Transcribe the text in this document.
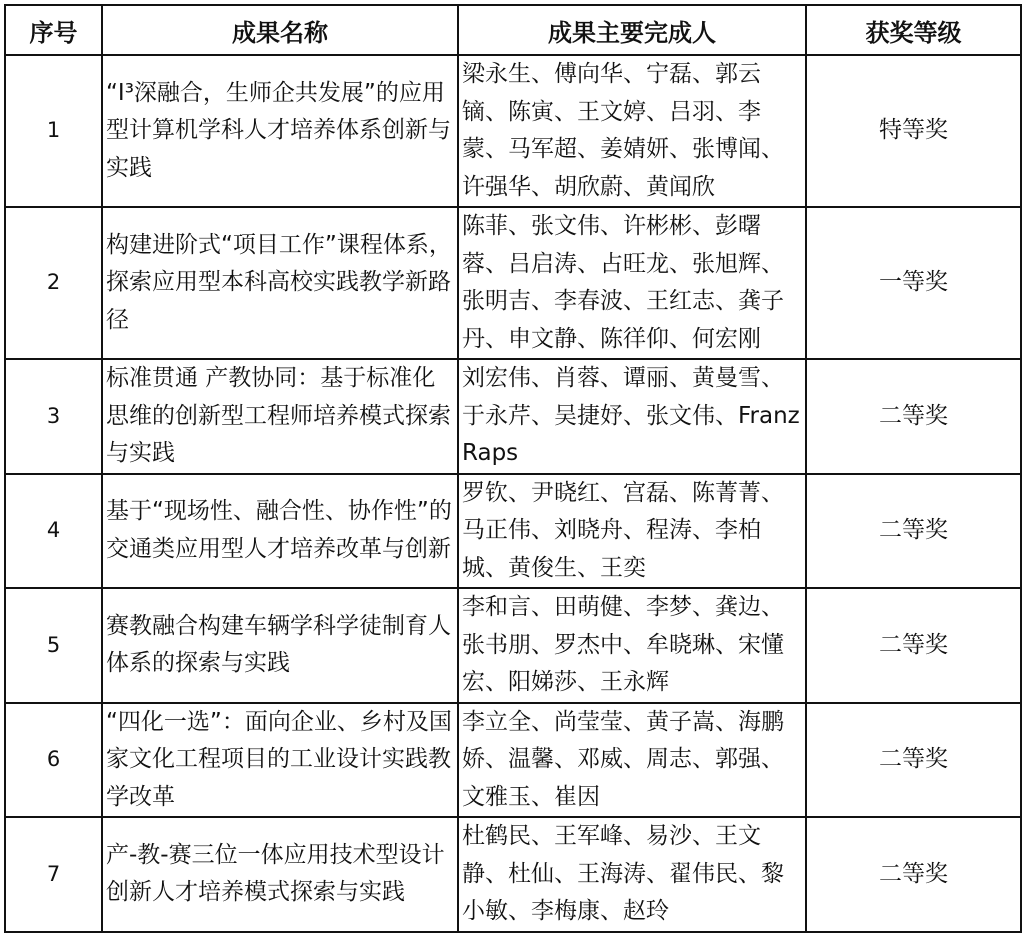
序号	成果名称	成果主要完成人	获奖等级
1	“I³深融合，生师企共发展”的应用型计算机学科人才培养体系创新与实践	梁永生、傅向华、宁磊、郭云镝、陈寅、王文婷、吕羽、李蒙、马军超、姜婧妍、张博闻、许强华、胡欣蔚、黄闻欣	特等奖
2	构建进阶式“项目工作”课程体系，探索应用型本科高校实践教学新路径	陈菲、张文伟、许彬彬、彭曙蓉、吕启涛、占旺龙、张旭辉、张明吉、李春波、王红志、龚子丹、申文静、陈徉仰、何宏刚	一等奖
3	标准贯通 产教协同：基于标准化思维的创新型工程师培养模式探索与实践	刘宏伟、肖蓉、谭丽、黄曼雪、于永芹、吴捷妤、张文伟、Franz Raps	二等奖
4	基于“现场性、融合性、协作性”的交通类应用型人才培养改革与创新	罗钦、尹晓红、宫磊、陈菁菁、马正伟、刘晓舟、程涛、李柏城、黄俊生、王奕	二等奖
5	赛教融合构建车辆学科学徒制育人体系的探索与实践	李和言、田萌健、李梦、龚边、张书朋、罗杰中、牟晓琳、宋懂宏、阳娣莎、王永辉	二等奖
6	“四化一选”：面向企业、乡村及国家文化工程项目的工业设计实践教学改革	李立全、尚莹莹、黄子嵩、海鹏娇、温馨、邓威、周志、郭强、文雅玉、崔因	二等奖
7	产-教-赛三位一体应用技术型设计创新人才培养模式探索与实践	杜鹤民、王军峰、易沙、王文静、杜仙、王海涛、翟伟民、黎小敏、李梅康、赵玲	二等奖
